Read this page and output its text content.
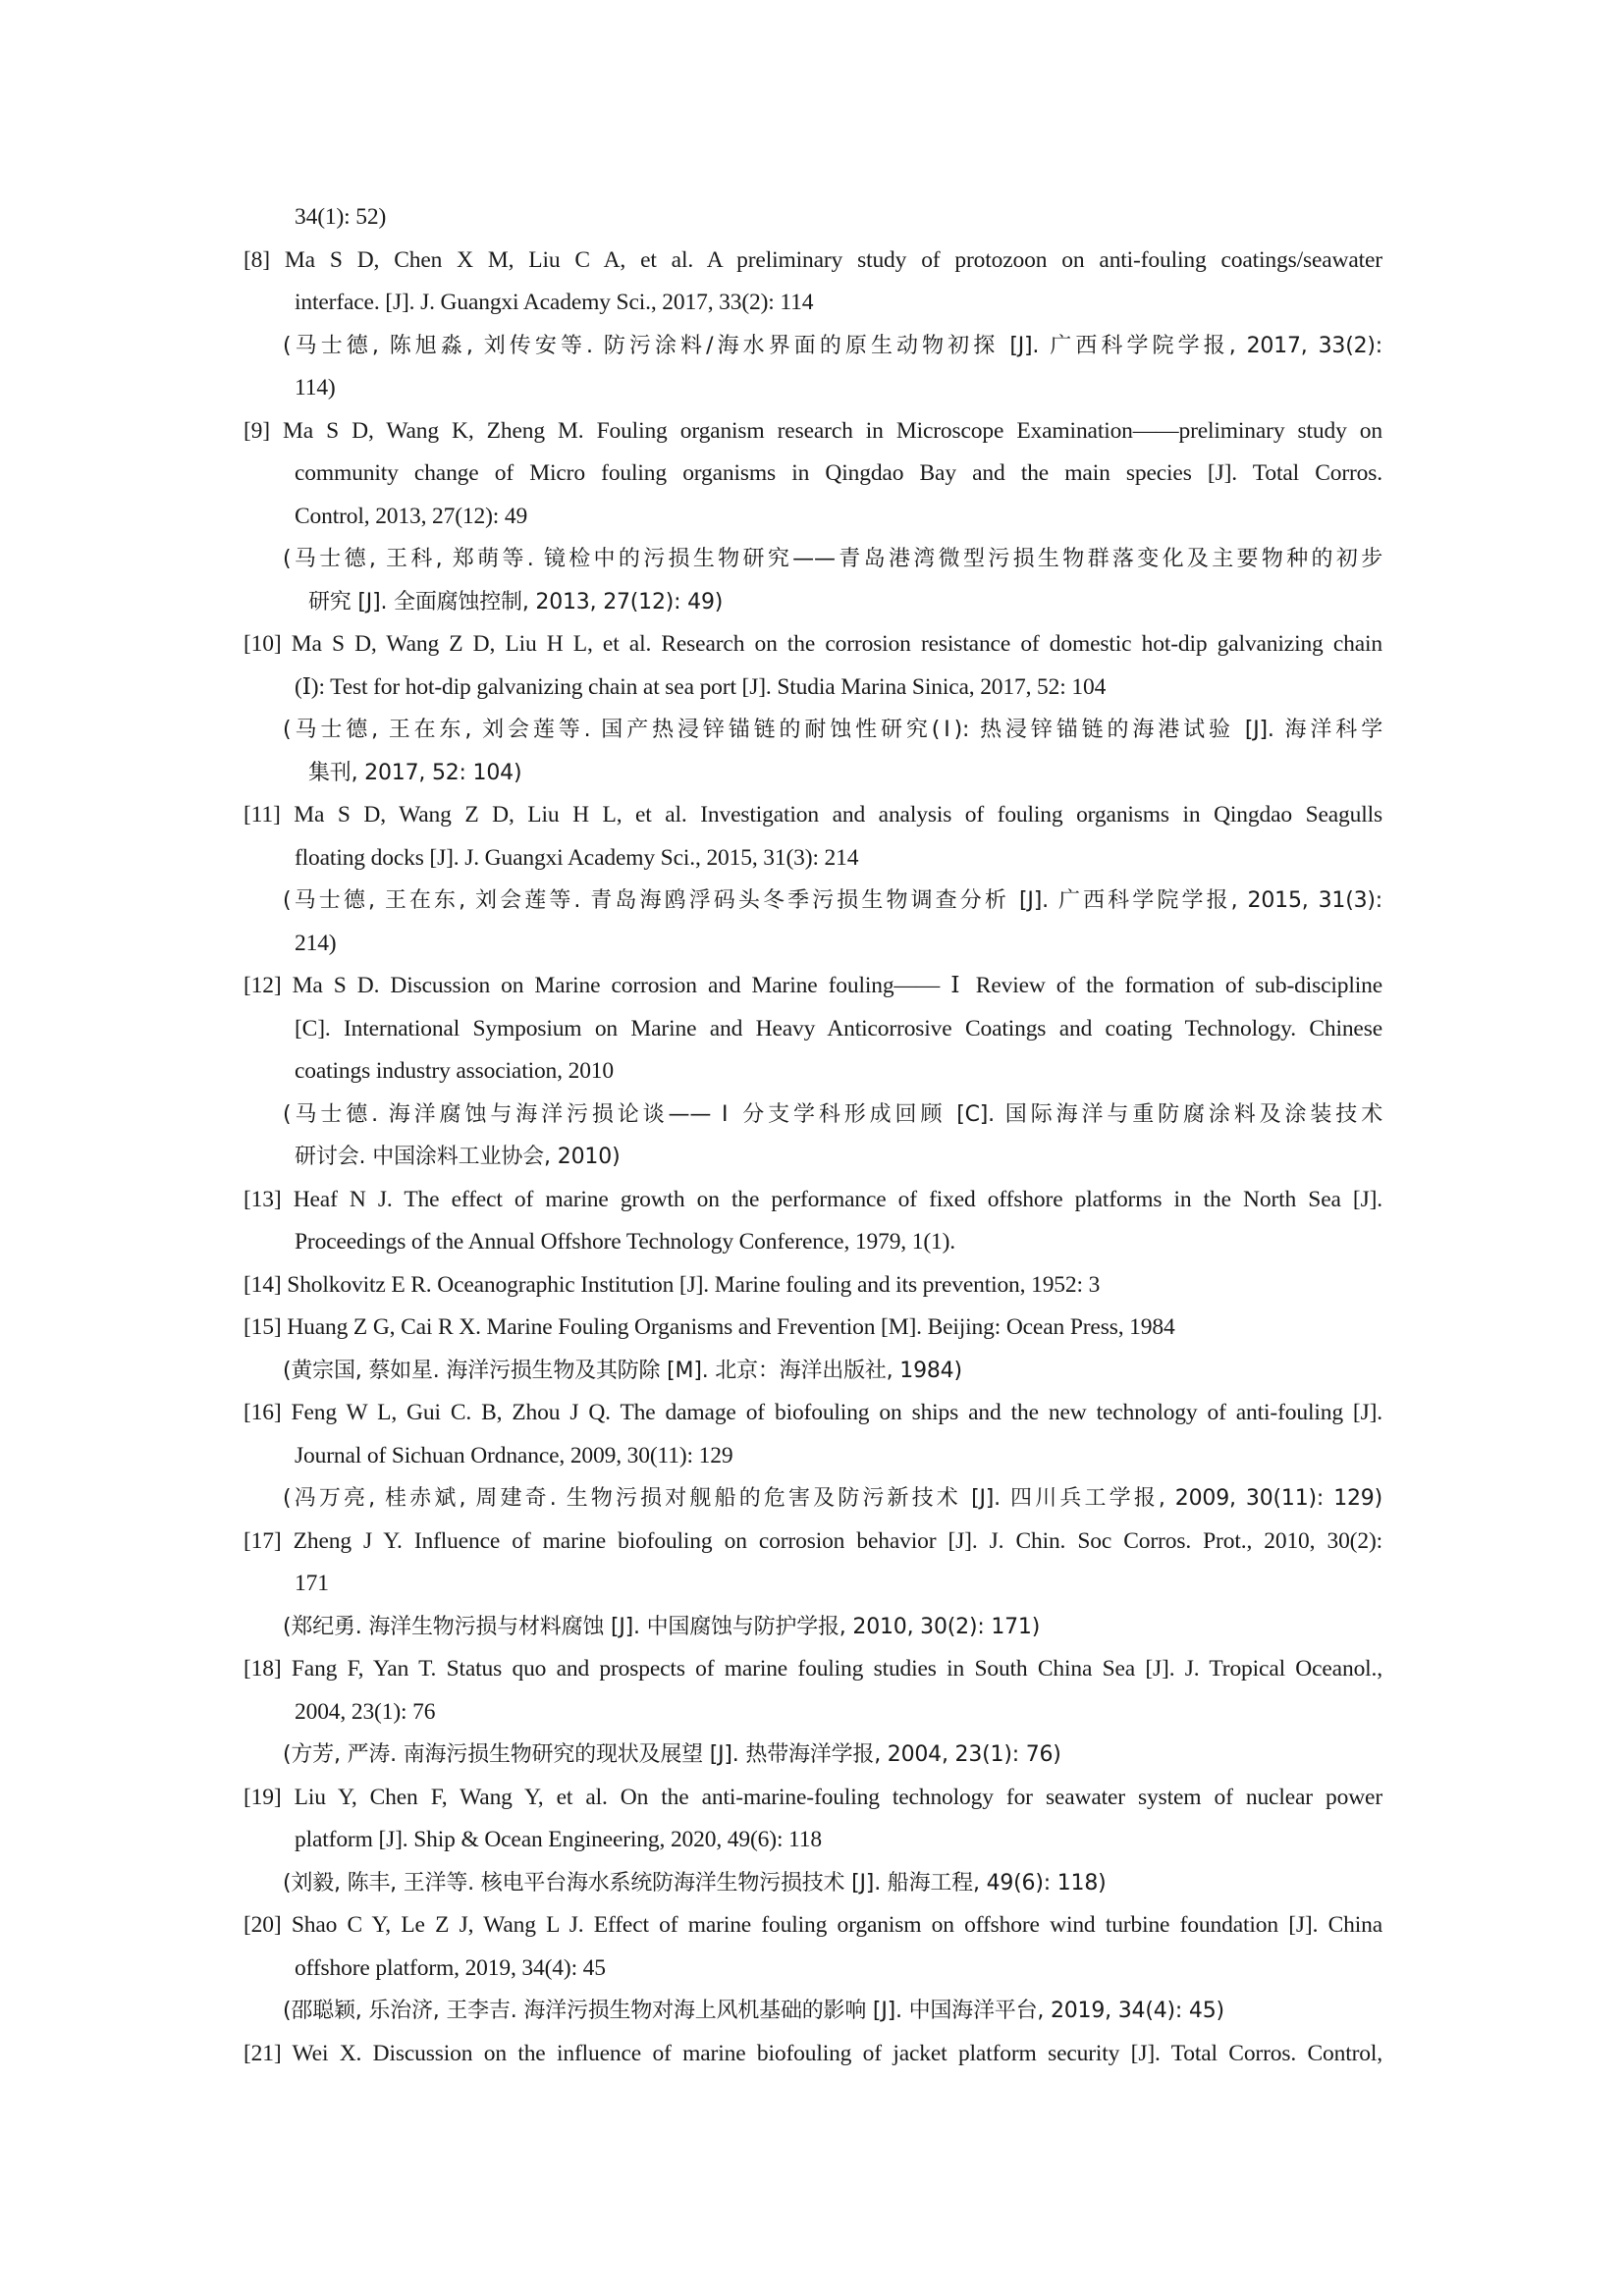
34(1): 52)
[8] Ma S D, Chen X M, Liu C A, et al. A preliminary study of protozoon on anti-fouling coatings/seawater
interface. [J]. J. Guangxi Academy Sci., 2017, 33(2): 114
(马士德, 陈旭淼, 刘传安等. 防污涂料/海水界面的原生动物初探 [J]. 广西科学院学报, 2017, 33(2):
114)
[9] Ma S D, Wang K, Zheng M. Fouling organism research in Microscope Examination——preliminary study on
community change of Micro fouling organisms in Qingdao Bay and the main species [J]. Total Corros.
Control, 2013, 27(12): 49
(马士德, 王科, 郑萌等. 镜检中的污损生物研究——青岛港湾微型污损生物群落变化及主要物种的初步
研究 [J]. 全面腐蚀控制, 2013, 27(12): 49)
[10] Ma S D, Wang Z D, Liu H L, et al. Research on the corrosion resistance of domestic hot-dip galvanizing chain
(Ⅰ): Test for hot-dip galvanizing chain at sea port [J]. Studia Marina Sinica, 2017, 52: 104
(马士德, 王在东, 刘会莲等. 国产热浸锌锚链的耐蚀性研究(Ⅰ): 热浸锌锚链的海港试验 [J]. 海洋科学
集刊, 2017, 52: 104)
[11] Ma S D, Wang Z D, Liu H L, et al. Investigation and analysis of fouling organisms in Qingdao Seagulls
floating docks [J]. J. Guangxi Academy Sci., 2015, 31(3): 214
(马士德, 王在东, 刘会莲等. 青岛海鸥浮码头冬季污损生物调查分析 [J]. 广西科学院学报, 2015, 31(3):
214)
[12] Ma S D. Discussion on Marine corrosion and Marine fouling—— Ⅰ Review of the formation of sub-discipline
[C]. International Symposium on Marine and Heavy Anticorrosive Coatings and coating Technology. Chinese
coatings industry association, 2010
(马士德. 海洋腐蚀与海洋污损论谈—— Ⅰ 分支学科形成回顾 [C]. 国际海洋与重防腐涂料及涂装技术
研讨会. 中国涂料工业协会, 2010)
[13] Heaf N J. The effect of marine growth on the performance of fixed offshore platforms in the North Sea [J].
Proceedings of the Annual Offshore Technology Conference, 1979, 1(1).
[14] Sholkovitz E R. Oceanographic Institution [J]. Marine fouling and its prevention, 1952: 3
[15] Huang Z G, Cai R X. Marine Fouling Organisms and Frevention [M]. Beijing: Ocean Press, 1984
(黄宗国, 蔡如星. 海洋污损生物及其防除 [M]. 北京：海洋出版社, 1984)
[16] Feng W L, Gui C. B, Zhou J Q. The damage of biofouling on ships and the new technology of anti-fouling [J].
Journal of Sichuan Ordnance, 2009, 30(11): 129
(冯万亮, 桂赤斌, 周建奇. 生物污损对舰船的危害及防污新技术 [J]. 四川兵工学报, 2009, 30(11): 129)
[17] Zheng J Y. Influence of marine biofouling on corrosion behavior [J]. J. Chin. Soc Corros. Prot., 2010, 30(2):
171
(郑纪勇. 海洋生物污损与材料腐蚀 [J]. 中国腐蚀与防护学报, 2010, 30(2): 171)
[18] Fang F, Yan T. Status quo and prospects of marine fouling studies in South China Sea [J]. J. Tropical Oceanol.,
2004, 23(1): 76
(方芳, 严涛. 南海污损生物研究的现状及展望 [J]. 热带海洋学报, 2004, 23(1): 76)
[19] Liu Y, Chen F, Wang Y, et al. On the anti-marine-fouling technology for seawater system of nuclear power
platform [J]. Ship & Ocean Engineering, 2020, 49(6): 118
(刘毅, 陈丰, 王洋等. 核电平台海水系统防海洋生物污损技术 [J]. 船海工程, 49(6): 118)
[20] Shao C Y, Le Z J, Wang L J. Effect of marine fouling organism on offshore wind turbine foundation [J]. China
offshore platform, 2019, 34(4): 45
(邵聪颖, 乐治济, 王李吉. 海洋污损生物对海上风机基础的影响 [J]. 中国海洋平台, 2019, 34(4): 45)
[21] Wei X. Discussion on the influence of marine biofouling of jacket platform security [J]. Total Corros. Control,
